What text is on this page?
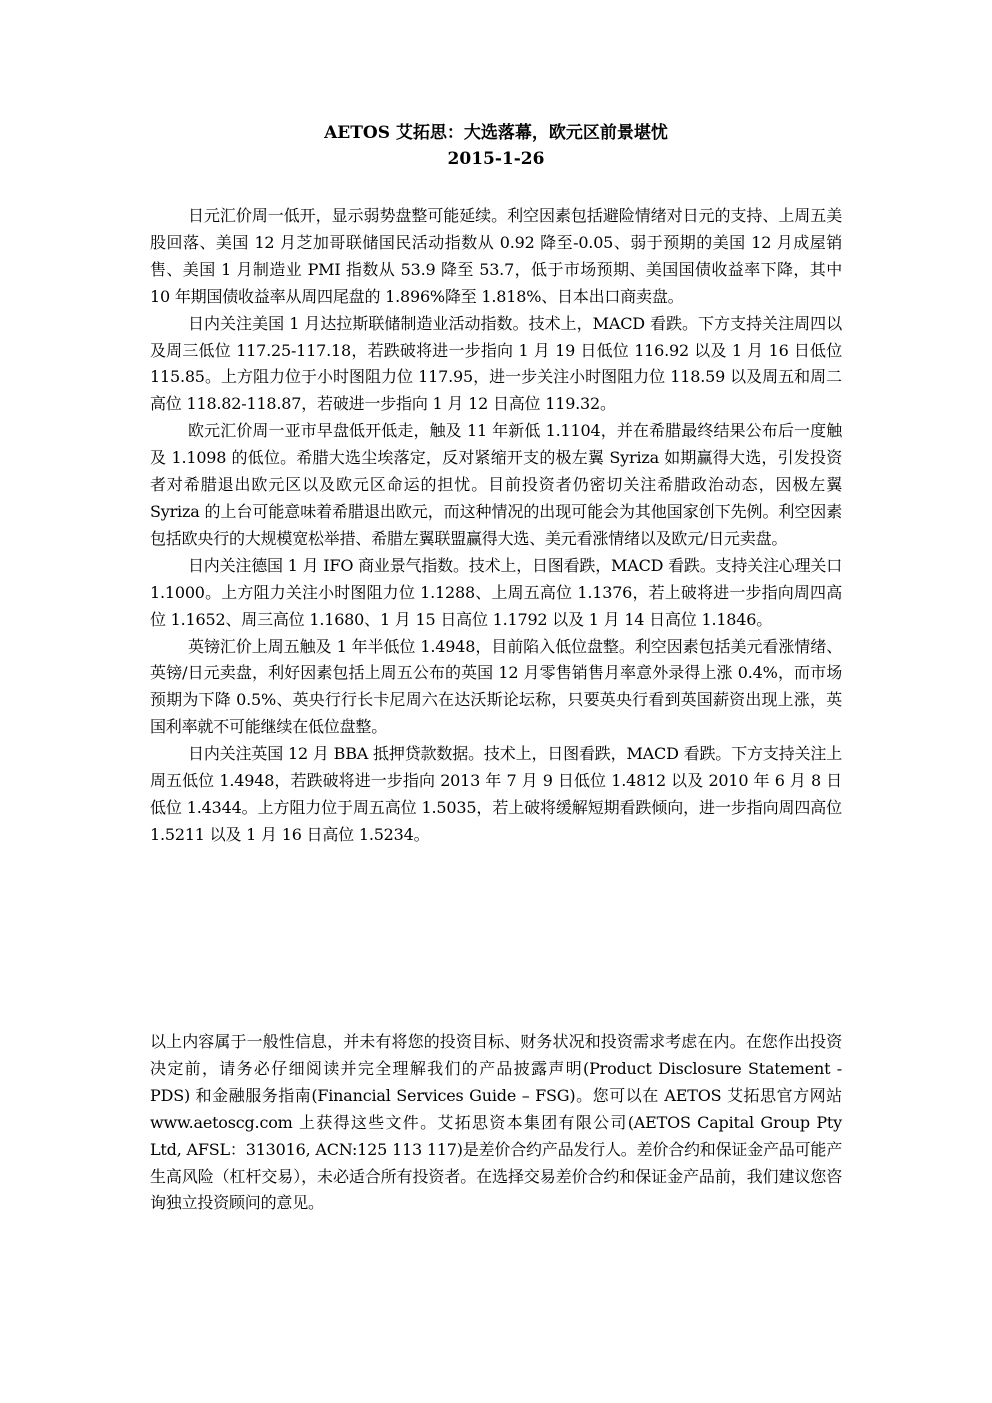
AETOS 艾拓思：大选落幕，欧元区前景堪忧
2015-1-26

日元汇价周一低开，显示弱势盘整可能延续。利空因素包括避险情绪对日元的支持、上周五美股回落、美国 12 月芝加哥联储国民活动指数从 0.92 降至-0.05、弱于预期的美国 12 月成屋销售、美国 1 月制造业 PMI 指数从 53.9 降至 53.7，低于市场预期、美国国债收益率下降，其中 10 年期国债收益率从周四尾盘的 1.896%降至 1.818%、日本出口商卖盘。

日内关注美国 1 月达拉斯联储制造业活动指数。技术上，MACD 看跌。下方支持关注周四以及周三低位 117.25-117.18，若跌破将进一步指向 1 月 19 日低位 116.92 以及 1 月 16 日低位 115.85。上方阻力位于小时图阻力位 117.95，进一步关注小时图阻力位 118.59 以及周五和周二高位 118.82-118.87，若破进一步指向 1 月 12 日高位 119.32。

欧元汇价周一亚市早盘低开低走，触及 11 年新低 1.1104，并在希腊最终结果公布后一度触及 1.1098 的低位。希腊大选尘埃落定，反对紧缩开支的极左翼 Syriza 如期赢得大选，引发投资者对希腊退出欧元区以及欧元区命运的担忧。目前投资者仍密切关注希腊政治动态，因极左翼 Syriza 的上台可能意味着希腊退出欧元，而这种情况的出现可能会为其他国家创下先例。利空因素包括欧央行的大规模宽松举措、希腊左翼联盟赢得大选、美元看涨情绪以及欧元/日元卖盘。

日内关注德国 1 月 IFO 商业景气指数。技术上，日图看跌，MACD 看跌。支持关注心理关口 1.1000。上方阻力关注小时图阻力位 1.1288、上周五高位 1.1376，若上破将进一步指向周四高位 1.1652、周三高位 1.1680、1 月 15 日高位 1.1792 以及 1 月 14 日高位 1.1846。

英镑汇价上周五触及 1 年半低位 1.4948，目前陷入低位盘整。利空因素包括美元看涨情绪、英镑/日元卖盘，利好因素包括上周五公布的英国 12 月零售销售月率意外录得上涨 0.4%，而市场预期为下降 0.5%、英央行行长卡尼周六在达沃斯论坛称，只要英央行看到英国薪资出现上涨，英国利率就不可能继续在低位盘整。

日内关注英国 12 月 BBA 抵押贷款数据。技术上，日图看跌，MACD 看跌。下方支持关注上周五低位 1.4948，若跌破将进一步指向 2013 年 7 月 9 日低位 1.4812 以及 2010 年 6 月 8 日低位 1.4344。上方阻力位于周五高位 1.5035，若上破将缓解短期看跌倾向，进一步指向周四高位 1.5211 以及 1 月 16 日高位 1.5234。

以上内容属于一般性信息，并未有将您的投资目标、财务状况和投资需求考虑在内。在您作出投资决定前，请务必仔细阅读并完全理解我们的产品披露声明(Product Disclosure Statement - PDS) 和金融服务指南(Financial Services Guide – FSG)。您可以在 AETOS 艾拓思官方网站 www.aetoscg.com 上获得这些文件。艾拓思资本集团有限公司(AETOS Capital Group Pty Ltd, AFSL：313016, ACN:125 113 117)是差价合约产品发行人。差价合约和保证金产品可能产生高风险（杠杆交易），未必适合所有投资者。在选择交易差价合约和保证金产品前，我们建议您咨询独立投资顾问的意见。
